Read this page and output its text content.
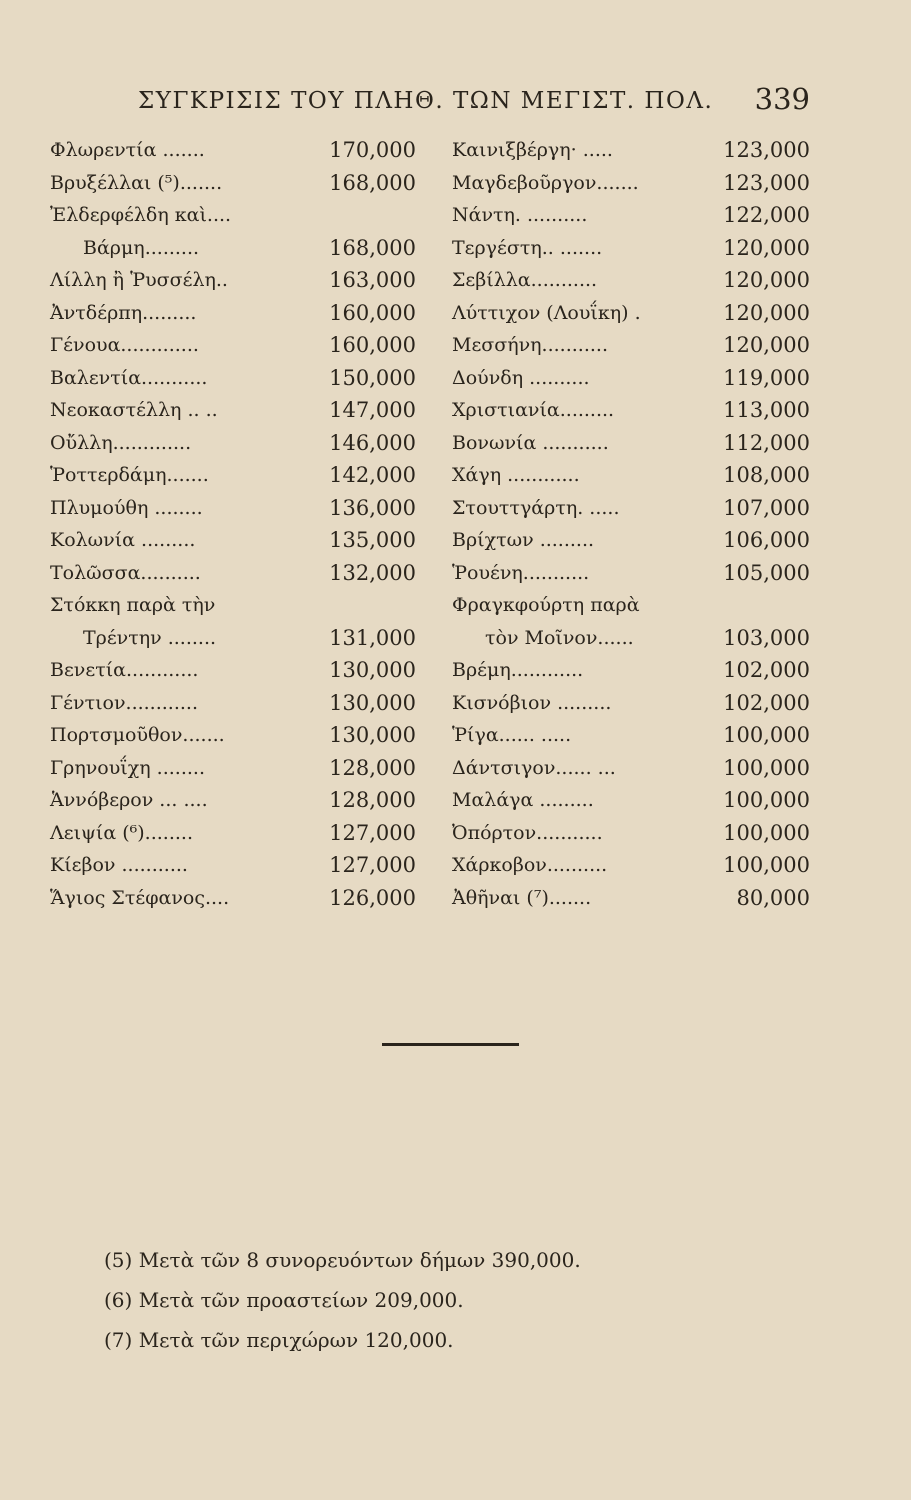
ΣΥΓΚΡΙΣΙΣ ΤΟΥ ΠΛΗΘ. ΤΩΝ ΜΕΓΙΣΤ. ΠΟΛ. 339
Φλωρεντία .......	170,000
Βρυξέλλαι (⁵).......	168,000
Ἐλδερφέλδη καὶ....
Βάρμη.........	168,000
Λίλλη ἢ Ῥυσσέλη..	163,000
Ἀντδέρπη.........	160,000
Γένουα.............	160,000
Βαλεντία...........	150,000
Νεοκαστέλλη .. ..	147,000
Οὔλλη.............	146,000
Ῥοττερδάμη.......	142,000
Πλυμούθη ........	136,000
Κολωνία .........	135,000
Τολῶσσα..........	132,000
Στόκκη παρὰ τὴν
Τρέντην ........	131,000
Βενετία............	130,000
Γέντιον............	130,000
Πορτσμοῦθον.......	130,000
Γρηνουΐχη ........	128,000
Ἁννόβερον ... ....	128,000
Λειψία (⁶)........	127,000
Κίεβον ...........	127,000
Ἅγιος Στέφανος....	126,000
Καινιξβέργη· .....	123,000
Μαγδεβοῦργον.......	123,000
Νάντη. ..........	122,000
Τεργέστη.. .......	120,000
Σεβίλλα...........	120,000
Λύττιχον (Λουΐκη) .	120,000
Μεσσήνη...........	120,000
Δούνδη ..........	119,000
Χριστιανία.........	113,000
Βονωνία ...........	112,000
Χάγη ............	108,000
Στουττγάρτη. .....	107,000
Βρίχτων .........	106,000
Ῥουένη...........	105,000
Φραγκφούρτη παρὰ
τὸν Μοῖνον......	103,000
Βρέμη............	102,000
Κισνόβιον .........	102,000
Ῥίγα...... .....	100,000
Δάντσιγον...... ...	100,000
Μαλάγα .........	100,000
Ὀπόρτον...........	100,000
Χάρκοβον..........	100,000
Ἀθῆναι (⁷).......	80,000
(5) Μετὰ τῶν 8 συνορευόντων δήμων 390,000.
(6) Μετὰ τῶν προαστείων 209,000.
(7) Μετὰ τῶν περιχώρων 120,000.
